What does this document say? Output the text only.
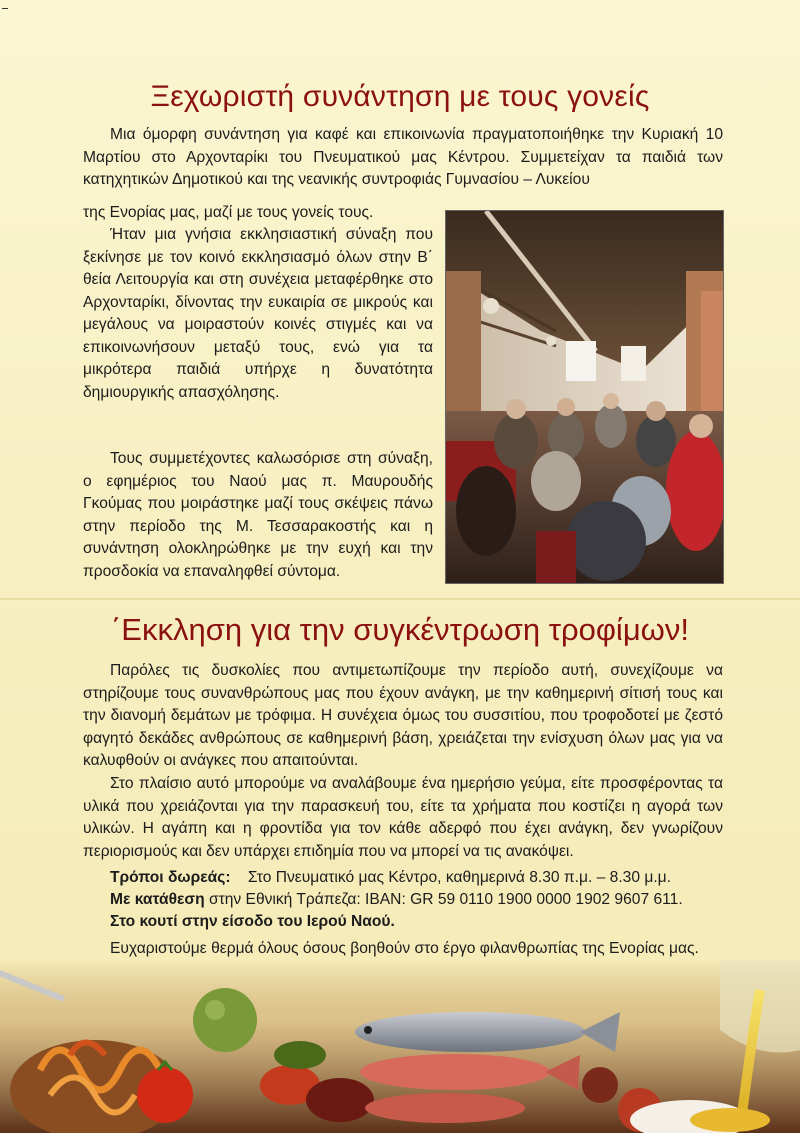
Ξεχωριστή συνάντηση με τους γονείς

Μια όμορφη συνάντηση για καφέ και επικοινωνία πραγματοποιήθηκε την Κυριακή 10 Μαρτίου στο Αρχονταρίκι του Πνευματικού μας Κέντρου. Συμμετείχαν τα παιδιά των κατηχητικών Δημοτικού και της νεανικής συντροφιάς Γυμνασίου – Λυκείου

της Ενορίας μας, μαζί με τους γονείς τους.

Ήταν μια γνήσια εκκλησιαστική σύναξη που ξεκίνησε με τον κοινό εκκλησιασμό όλων στην Β΄ θεία Λειτουργία και στη συνέχεια μεταφέρθηκε στο Αρχονταρίκι, δίνοντας την ευκαιρία σε μικρούς και μεγάλους να μοιραστούν κοινές στιγμές και να επικοινωνήσουν μεταξύ τους, ενώ για τα μικρότερα παιδιά υπήρχε η δυνατότητα δημιουργικής απασχόλησης.

Τους συμμετέχοντες καλωσόρισε στη σύναξη, ο εφημέριος του Ναού μας π. Μαυρουδής Γκούμας που μοιράστηκε μαζί τους σκέψεις πάνω στην περίοδο της Μ. Τεσσαρακοστής και η συνάντηση ολοκληρώθηκε με την ευχή και την προσδοκία να επαναληφθεί σύντομα.

΄Εκκληση για την συγκέντρωση τροφίμων!

Παρόλες τις δυσκολίες που αντιμετωπίζουμε την περίοδο αυτή, συνεχίζουμε να στηρίζουμε τους συνανθρώπους μας που έχουν ανάγκη, με την καθημερινή σίτισή τους και την διανομή δεμάτων με τρόφιμα. Η συνέχεια όμως του συσσιτίου, που τροφοδοτεί με ζεστό φαγητό δεκάδες ανθρώπους σε καθημερινή βάση, χρειάζεται την ενίσχυση όλων μας για να καλυφθούν οι ανάγκες που απαιτούνται.

Στο πλαίσιο αυτό μπορούμε να αναλάβουμε ένα ημερήσιο γεύμα, είτε προσφέροντας τα υλικά που χρειάζονται για την παρασκευή του, είτε τα χρήματα που κοστίζει η αγορά των υλικών. Η αγάπη και η φροντίδα για τον κάθε αδερφό που έχει ανάγκη, δεν γνωρίζουν περιορισμούς και δεν υπάρχει επιδημία που να μπορεί να τις ανακόψει.

Τρόποι δωρεάς: Στο Πνευματικό μας Κέντρο, καθημερινά 8.30 π.μ. – 8.30 μ.μ.

Με κατάθεση στην Εθνική Τράπεζα: IBAN: GR 59 0110 1900 0000 1902 9607 611.

Στο κουτί στην είσοδο του Ιερού Ναού.

Ευχαριστούμε θερμά όλους όσους βοηθούν στο έργο φιλανθρωπίας της Ενορίας μας.
